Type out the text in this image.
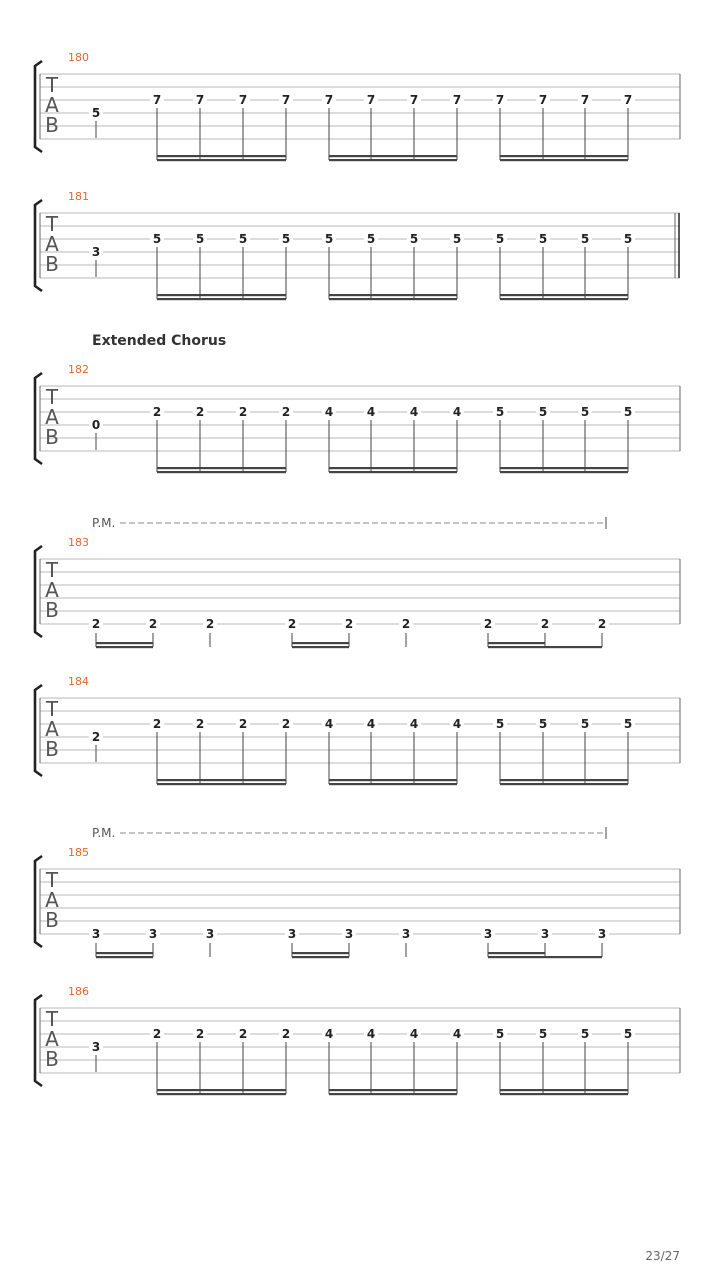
T
A
B
180
5
7	7	7	7	7	7	7	7	7	7	7	7
T
A
B
181
3
5	5	5	5	5	5	5	5	5	5	5	5
T
A
B
182
Extended Chorus
0
2	2	2	2	4	4	4	4	5	5	5	5
T
A
B
183
P.M.
2	2	2	2	2	2	2	2	2
T
A
B
184
2
2	2	2	2	4	4	4	4	5	5	5	5
T
A
B
185
P.M.
3	3	3	3	3	3	3	3	3
T
A
B
186
3
2	2	2	2	4	4	4	4	5	5	5	5
23/27
